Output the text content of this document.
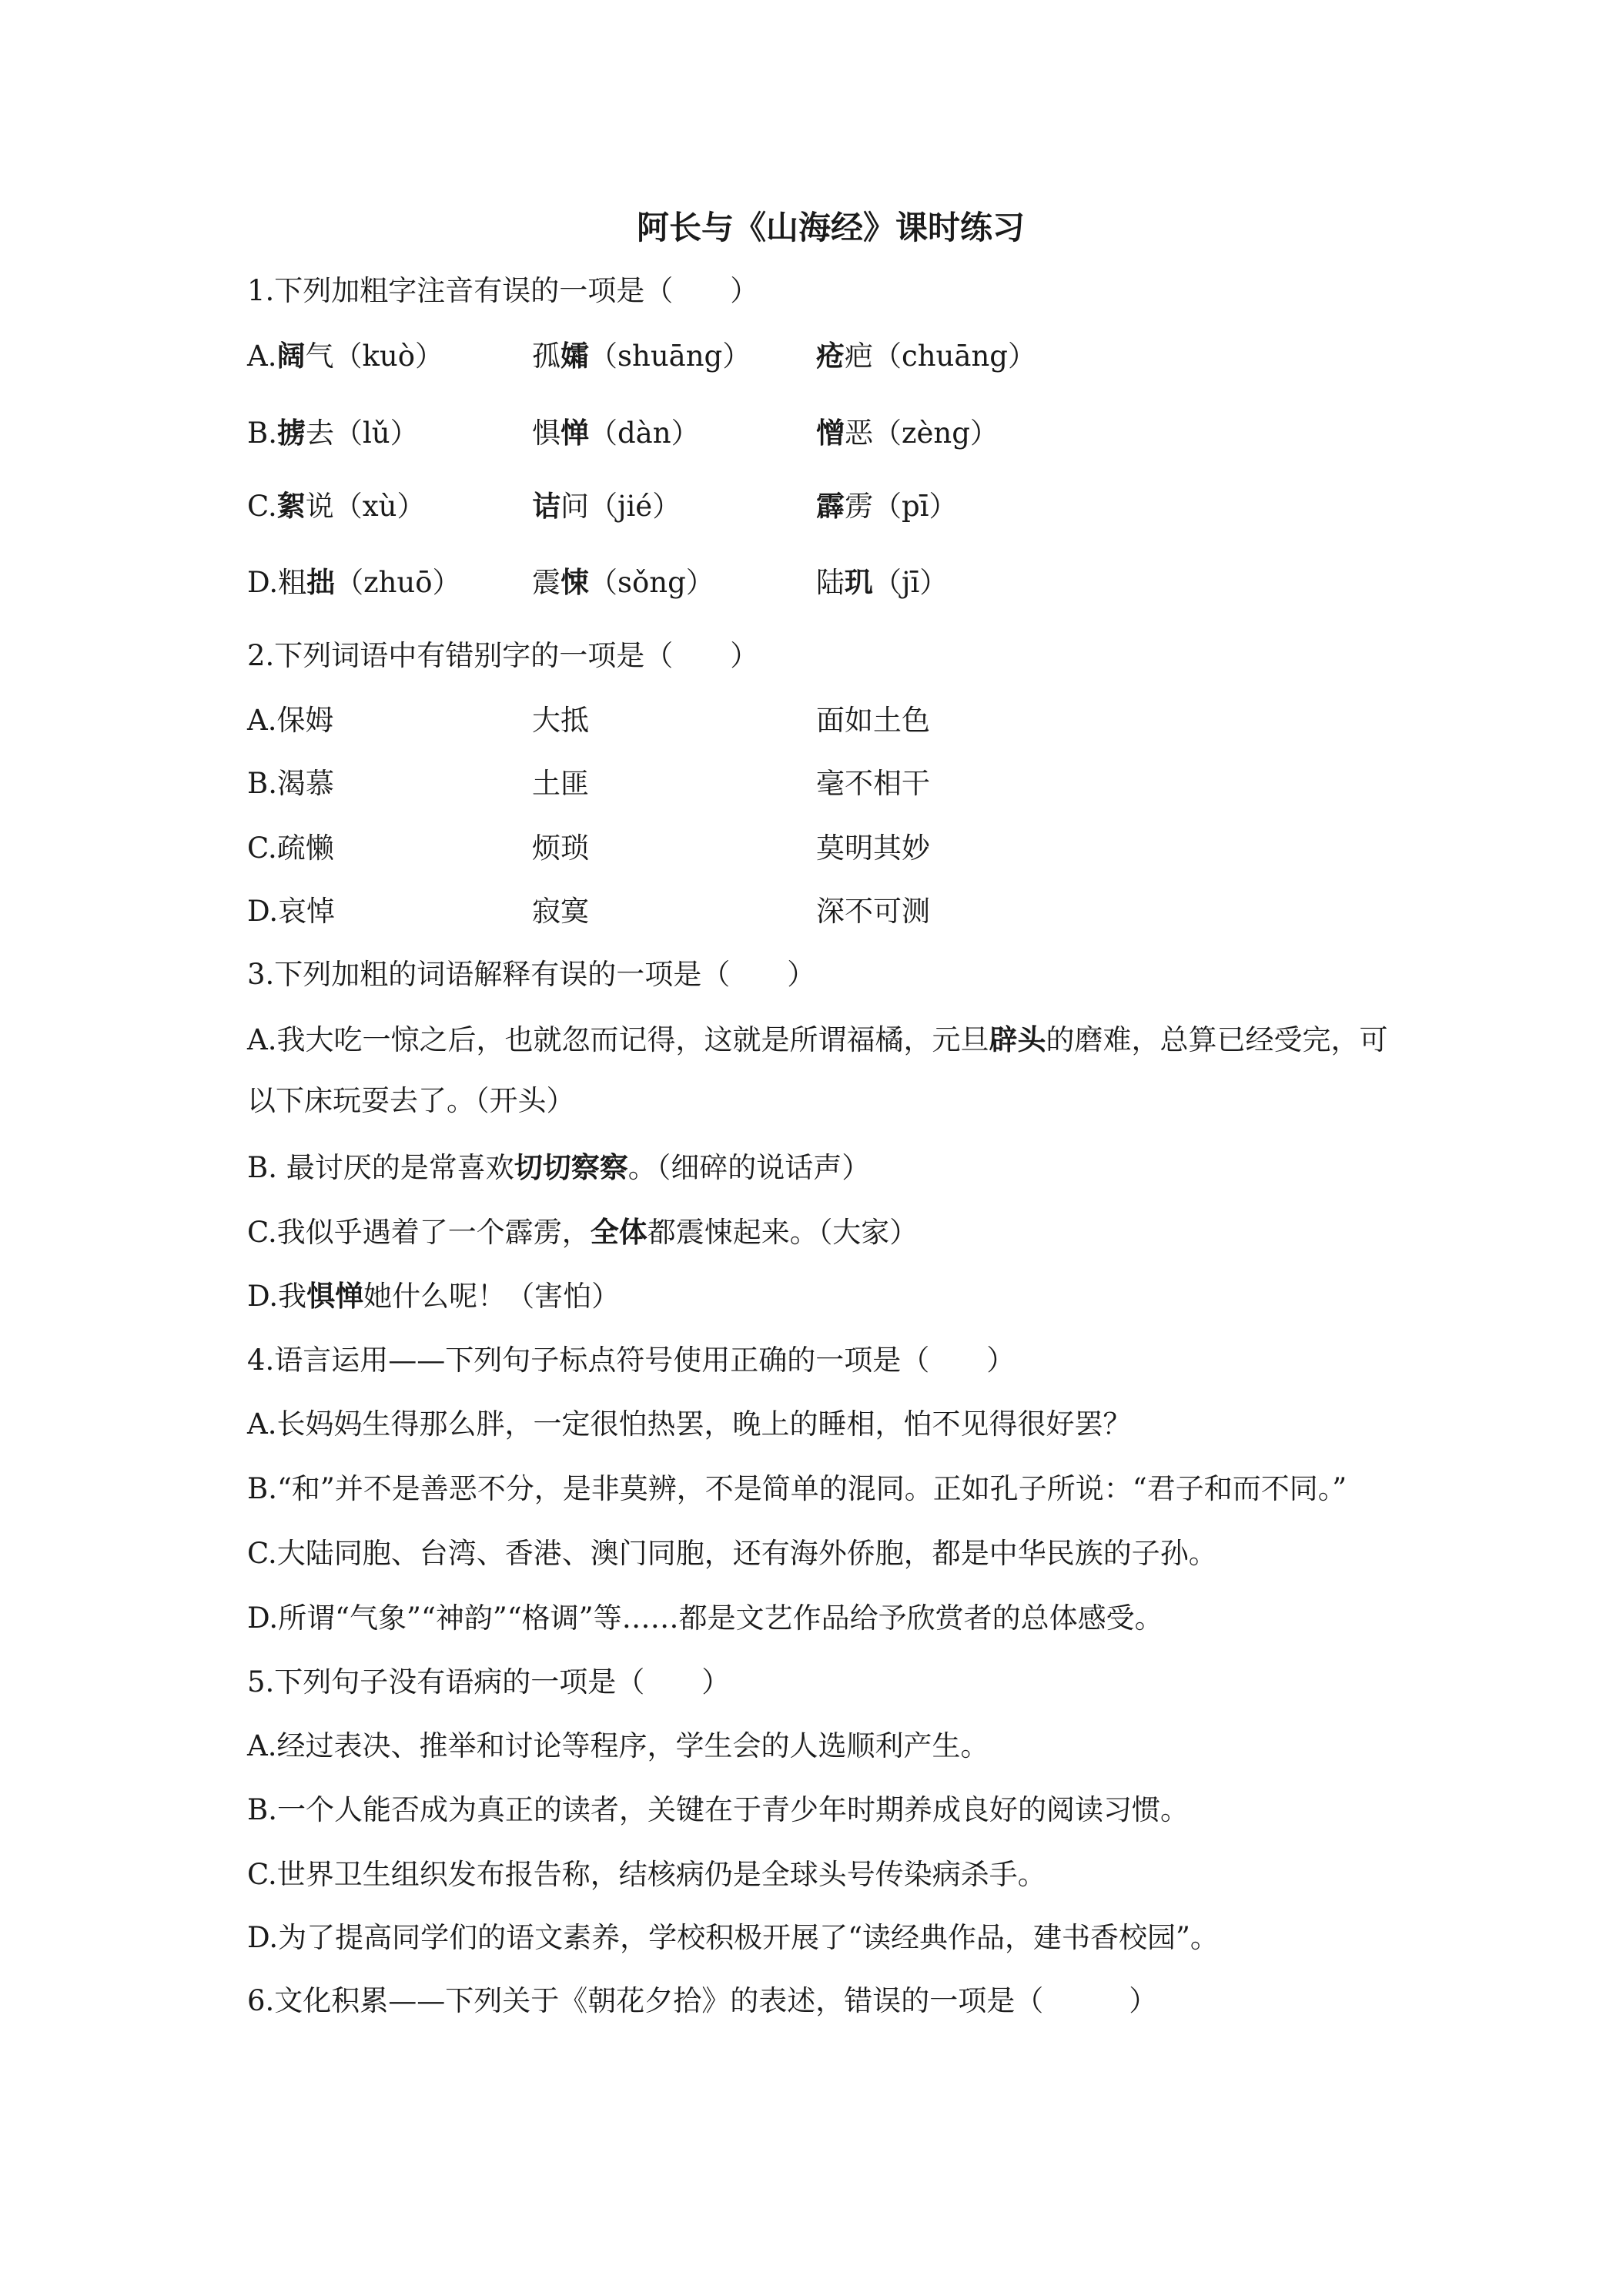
阿长与《山海经》课时练习
1.下列加粗字注音有误的一项是（　　）

A.阔气（kuò）

	孤孀（shuāng）

疮疤（chuāng）

B.掳去（lǔ）

	惧惮（dàn）

	憎恶（zèng）

C.絮说（xù）

	诘问（jié）

	霹雳（pī）

D.粗拙（zhuō）

震悚（sǒng）

	陆玑（jī）

2.下列词语中有错别字的一项是（　　）

A.保姆

	大抵

	面如土色

B.渴慕

	土匪

	毫不相干

C.疏懒

	烦琐

	莫明其妙

D.哀悼

	寂寞

	深不可测

3.下列加粗的词语解释有误的一项是（　　）
A.我大吃一惊之后，也就忽而记得，这就是所谓福橘，元旦辟头的磨难，总算已经受完，可
以下床玩耍去了。（开头）
B. 最讨厌的是常喜欢切切察察。（细碎的说话声）
C.我似乎遇着了一个霹雳，全体都震悚起来。（大家）
D.我惧惮她什么呢！（害怕）
4.语言运用——下列句子标点符号使用正确的一项是（　　）
A.长妈妈生得那么胖，一定很怕热罢，晚上的睡相，怕不见得很好罢？
B.“和”并不是善恶不分，是非莫辨，不是简单的混同。正如孔子所说：“君子和而不同。”
C.大陆同胞、台湾、香港、澳门同胞，还有海外侨胞，都是中华民族的子孙。
D.所谓“气象”“神韵”“格调”等……都是文艺作品给予欣赏者的总体感受。
5.下列句子没有语病的一项是（　　）
A.经过表决、推举和讨论等程序，学生会的人选顺利产生。
B.一个人能否成为真正的读者，关键在于青少年时期养成良好的阅读习惯。
C.世界卫生组织发布报告称，结核病仍是全球头号传染病杀手。
D.为了提高同学们的语文素养，学校积极开展了“读经典作品，建书香校园”。
6.文化积累——下列关于《朝花夕拾》的表述，错误的一项是（　　　）
